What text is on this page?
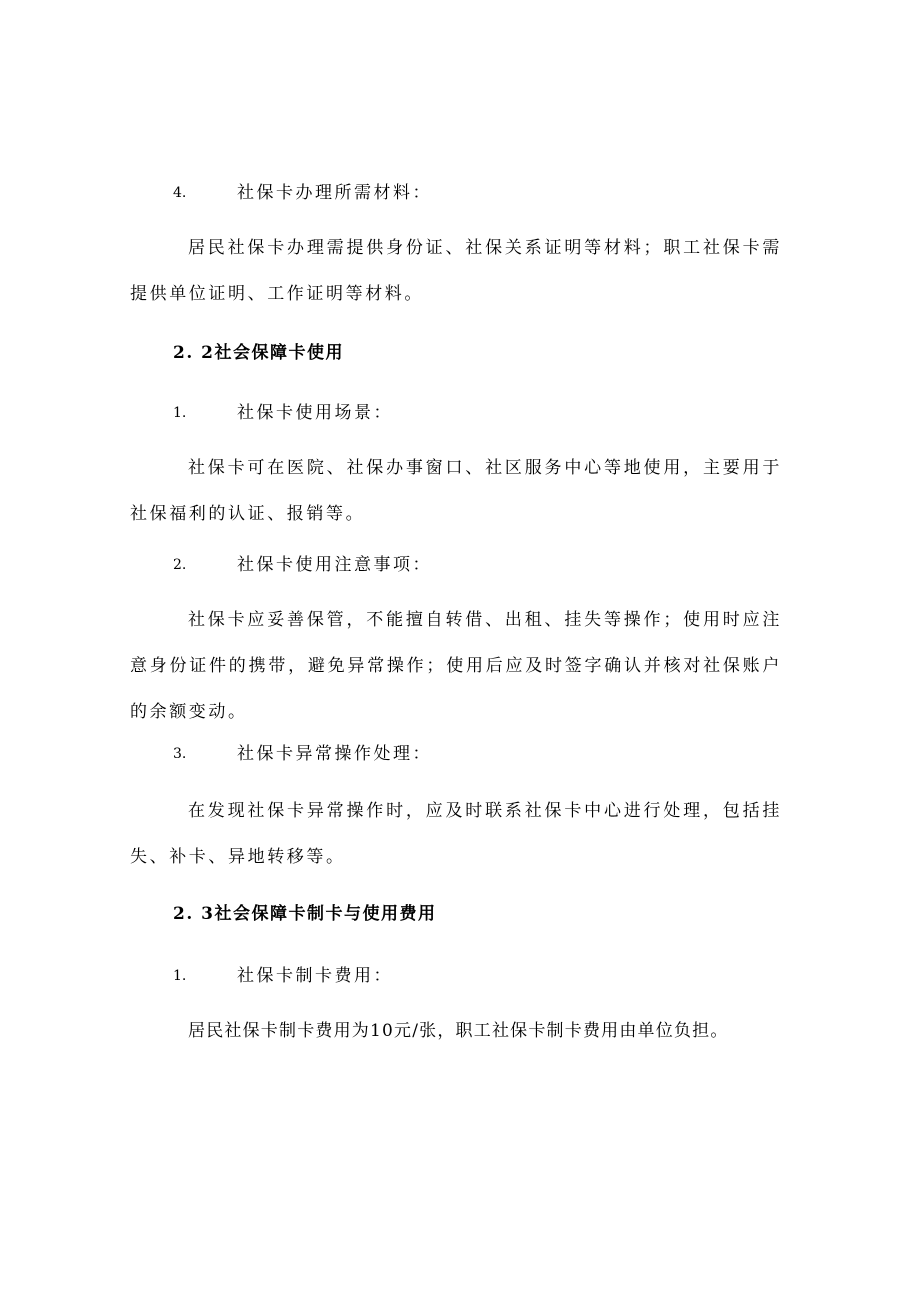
4.	社保卡办理所需材料：

居民社保卡办理需提供身份证、社保关系证明等材料；职工社保卡需提供单位证明、工作证明等材料。

2. 2社会保障卡使用
1.	社保卡使用场景：

社保卡可在医院、社保办事窗口、社区服务中心等地使用，主要用于社保福利的认证、报销等。

2.	社保卡使用注意事项：

社保卡应妥善保管，不能擅自转借、出租、挂失等操作；使用时应注意身份证件的携带，避免异常操作；使用后应及时签字确认并核对社保账户的余额变动。

3.	社保卡异常操作处理：

在发现社保卡异常操作时，应及时联系社保卡中心进行处理，包括挂失、补卡、异地转移等。

2. 3社会保障卡制卡与使用费用
1.	社保卡制卡费用：

居民社保卡制卡费用为10元/张，职工社保卡制卡费用由单位负担。
